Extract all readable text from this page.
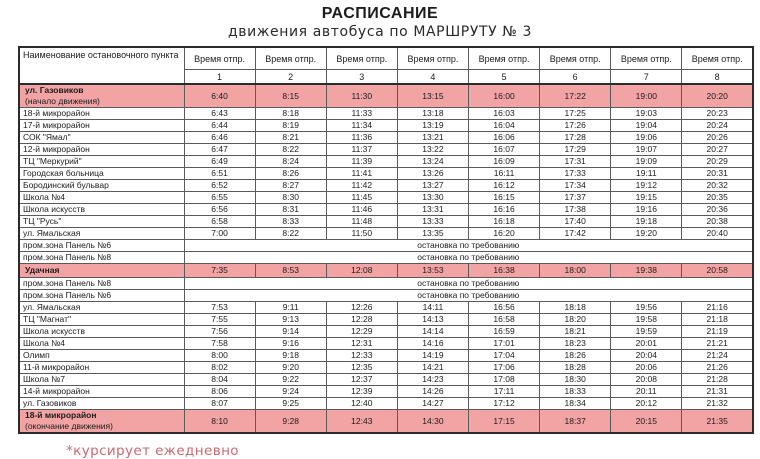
РАСПИСАНИЕ
движения автобуса по МАРШРУТУ № 3
Наименование остановочного пункта	Время отпр.	Время отпр.	Время отпр.	Время отпр.	Время отпр.	Время отпр.	Время отпр.	Время отпр.
	1	2	3	4	5	6	7	8

ул. Газовиков
(начало движения)	6:40	8:15	11:30	13:15	16:00	17:22	19:00	20:20

18-й микрорайон	6:43	8:18	11:33	13:18	16:03	17:25	19:03	20:23

17-й микрорайон	6:44	8:19	11:34	13:19	16:04	17:26	19:04	20:24

СОК "Ямал"	6:46	8:21	11:36	13:21	16:06	17:28	19:06	20:26

12-й микрорайон	6:47	8:22	11:37	13:22	16:07	17:29	19:07	20:27

ТЦ "Меркурий"	6:49	8:24	11:39	13:24	16:09	17:31	19:09	20:29

Городская больница	6:51	8:26	11:41	13:26	16:11	17:33	19:11	20:31

Бородинский бульвар	6:52	8:27	11:42	13:27	16:12	17:34	19:12	20:32

Школа №4	6:55	8:30	11:45	13:30	16:15	17:37	19:15	20:35

Школа искусств	6:56	8:31	11:46	13:31	16:16	17:38	19:16	20:36

ТЦ "Русь"	6:58	8:33	11:48	13:33	16:18	17:40	19:18	20:38

ул. Ямальская	7:00	8:22	11:50	13:35	16:20	17:42	19:20	20:40

пром.зона Панель №6	остановка по требованию							

пром.зона Панель №8	остановка по требованию							

Удачная	7:35	8:53	12:08	13:53	16:38	18:00	19:38	20:58

пром.зона Панель №8	остановка по требованию							

пром.зона Панель №6	остановка по требованию							

ул. Ямальская	7:53	9:11	12:26	14:11	16:56	18:18	19:56	21:16

ТЦ "Магнат"	7:55	9:13	12:28	14:13	16:58	18:20	19:58	21:18

Школа искусств	7:56	9:14	12:29	14:14	16:59	18:21	19:59	21:19

Школа №4	7:58	9:16	12:31	14:16	17:01	18:23	20:01	21:21

Олимп	8:00	9:18	12:33	14:19	17:04	18:26	20:04	21:24

11-й микрорайон	8:02	9:20	12:35	14:21	17:06	18:28	20:06	21:26

Школа №7	8:04	9:22	12:37	14:23	17:08	18:30	20:08	21:28

14-й микрорайон	8:06	9:24	12:39	14:26	17:11	18:33	20:11	21:31

ул. Газовиков	8:07	9:25	12:40	14:27	17:12	18:34	20:12	21:32

18-й микрорайон
(окончание движения)	8:10	9:28	12:43	14:30	17:15	18:37	20:15	21:35
*курсирует ежедневно
